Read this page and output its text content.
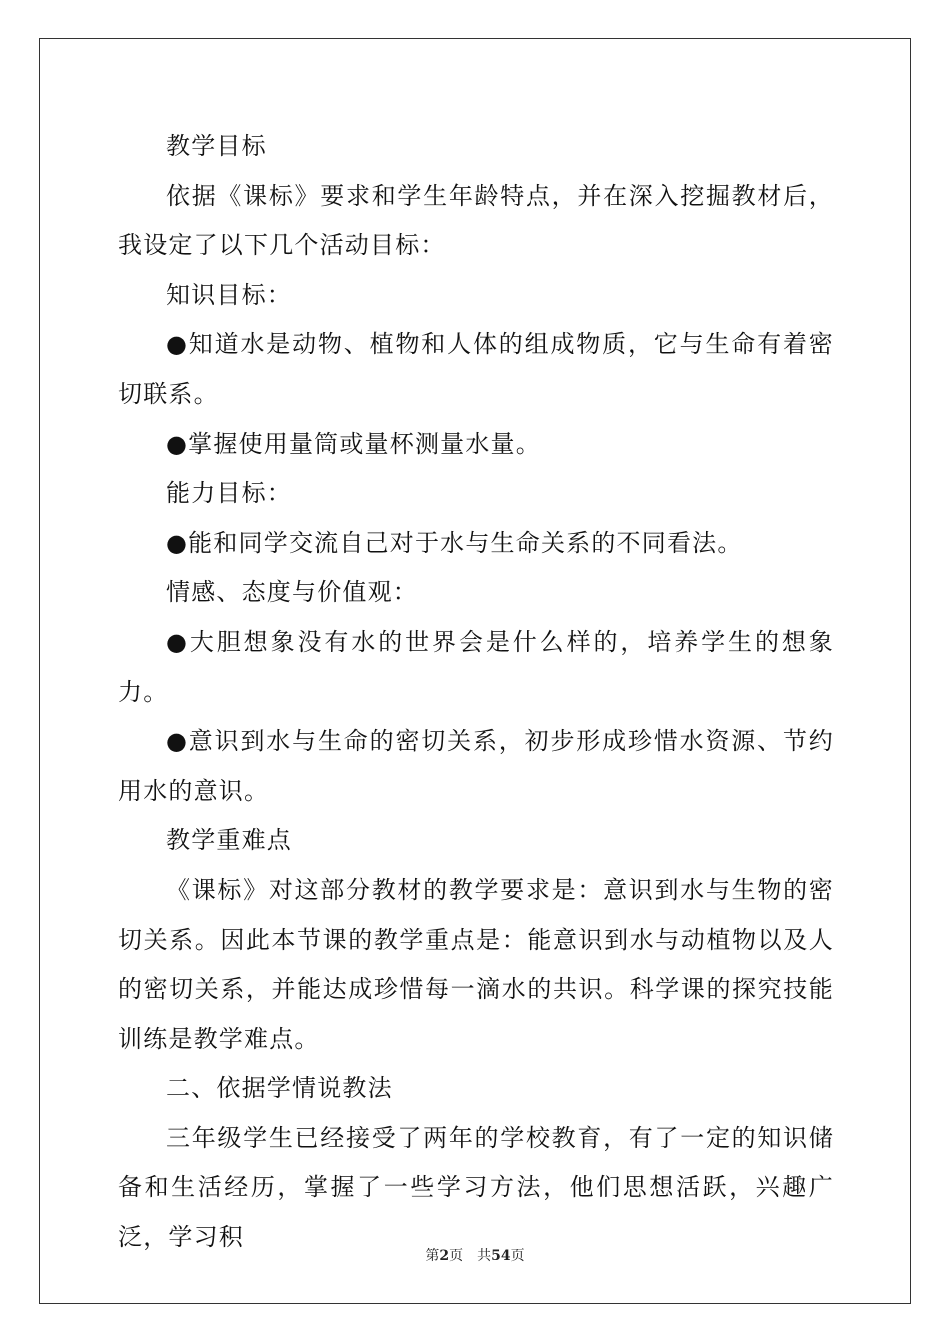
教学目标

依据《课标》要求和学生年龄特点，并在深入挖掘教材后，我设定了以下几个活动目标：

知识目标：

●知道水是动物、植物和人体的组成物质，它与生命有着密切联系。

●掌握使用量筒或量杯测量水量。

能力目标：

●能和同学交流自己对于水与生命关系的不同看法。

情感、态度与价值观：

●大胆想象没有水的世界会是什么样的，培养学生的想象力。

●意识到水与生命的密切关系，初步形成珍惜水资源、节约用水的意识。

教学重难点

《课标》对这部分教材的教学要求是：意识到水与生物的密切关系。因此本节课的教学重点是：能意识到水与动植物以及人的密切关系，并能达成珍惜每一滴水的共识。科学课的探究技能训练是教学难点。

二、依据学情说教法

三年级学生已经接受了两年的学校教育，有了一定的知识储备和生活经历，掌握了一些学习方法，他们思想活跃，兴趣广泛，学习积

第2页 共54页
